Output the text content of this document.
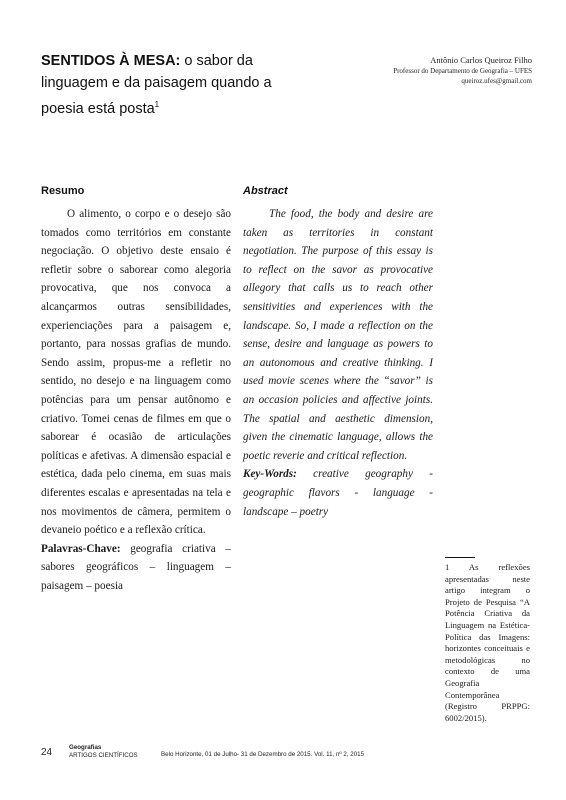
SENTIDOS À MESA: o sabor da linguagem e da paisagem quando a poesia está posta$^1$
Antônio Carlos Queiroz Filho
Professor do Departamento de Geografia – UFES
queiroz.ufes@gmail.com
Resumo	Abstract

O alimento, o corpo e o desejo são tomados como territórios em constante negociação. O objetivo deste ensaio é refletir sobre o saborear como alegoria provocativa, que nos convoca a alcançarmos outras sensibilidades, experienciações para a paisagem e, portanto, para nossas grafias de mundo. Sendo assim, propus-me a refletir no sentido, no desejo e na linguagem como potências para um pensar autônomo e criativo. Tomei cenas de filmes em que o saborear é ocasião de articulações políticas e afetivas. A dimensão espacial e estética, dada pelo cinema, em suas mais diferentes escalas e apresentadas na tela e nos movimentos de câmera, permitem o devaneio poético e a reflexão crítica.

Palavras-Chave: geografia criativa – sabores geográficos – linguagem – paisagem – poesia

The food, the body and desire are taken as territories in constant negotiation. The purpose of this essay is to reflect on the savor as provocative allegory that calls us to reach other sensitivities and experiences with the landscape. So, I made a reflection on the sense, desire and language as powers to an autonomous and creative thinking. I used movie scenes where the “savor” is an occasion policies and affective joints. The spatial and aesthetic dimension, given the cinematic language, allows the poetic reverie and critical reflection.

Key-Words: creative geography - geographic flavors - language - landscape – poetry

1 As reflexões apresentadas neste artigo integram o Projeto de Pesquisa “A Potência Criativa da Linguagem na Estética-Política das Imagens: horizontes conceituais e metodológicas no contexto de uma Geografia Contemporânea (Registro PRPPG: 6002/2015).
24	Geografias
ARTIGOS CIENTÍFICOS	Belo Horizonte, 01 de Julho- 31 de Dezembro de 2015. Vol. 11, nº 2, 2015
